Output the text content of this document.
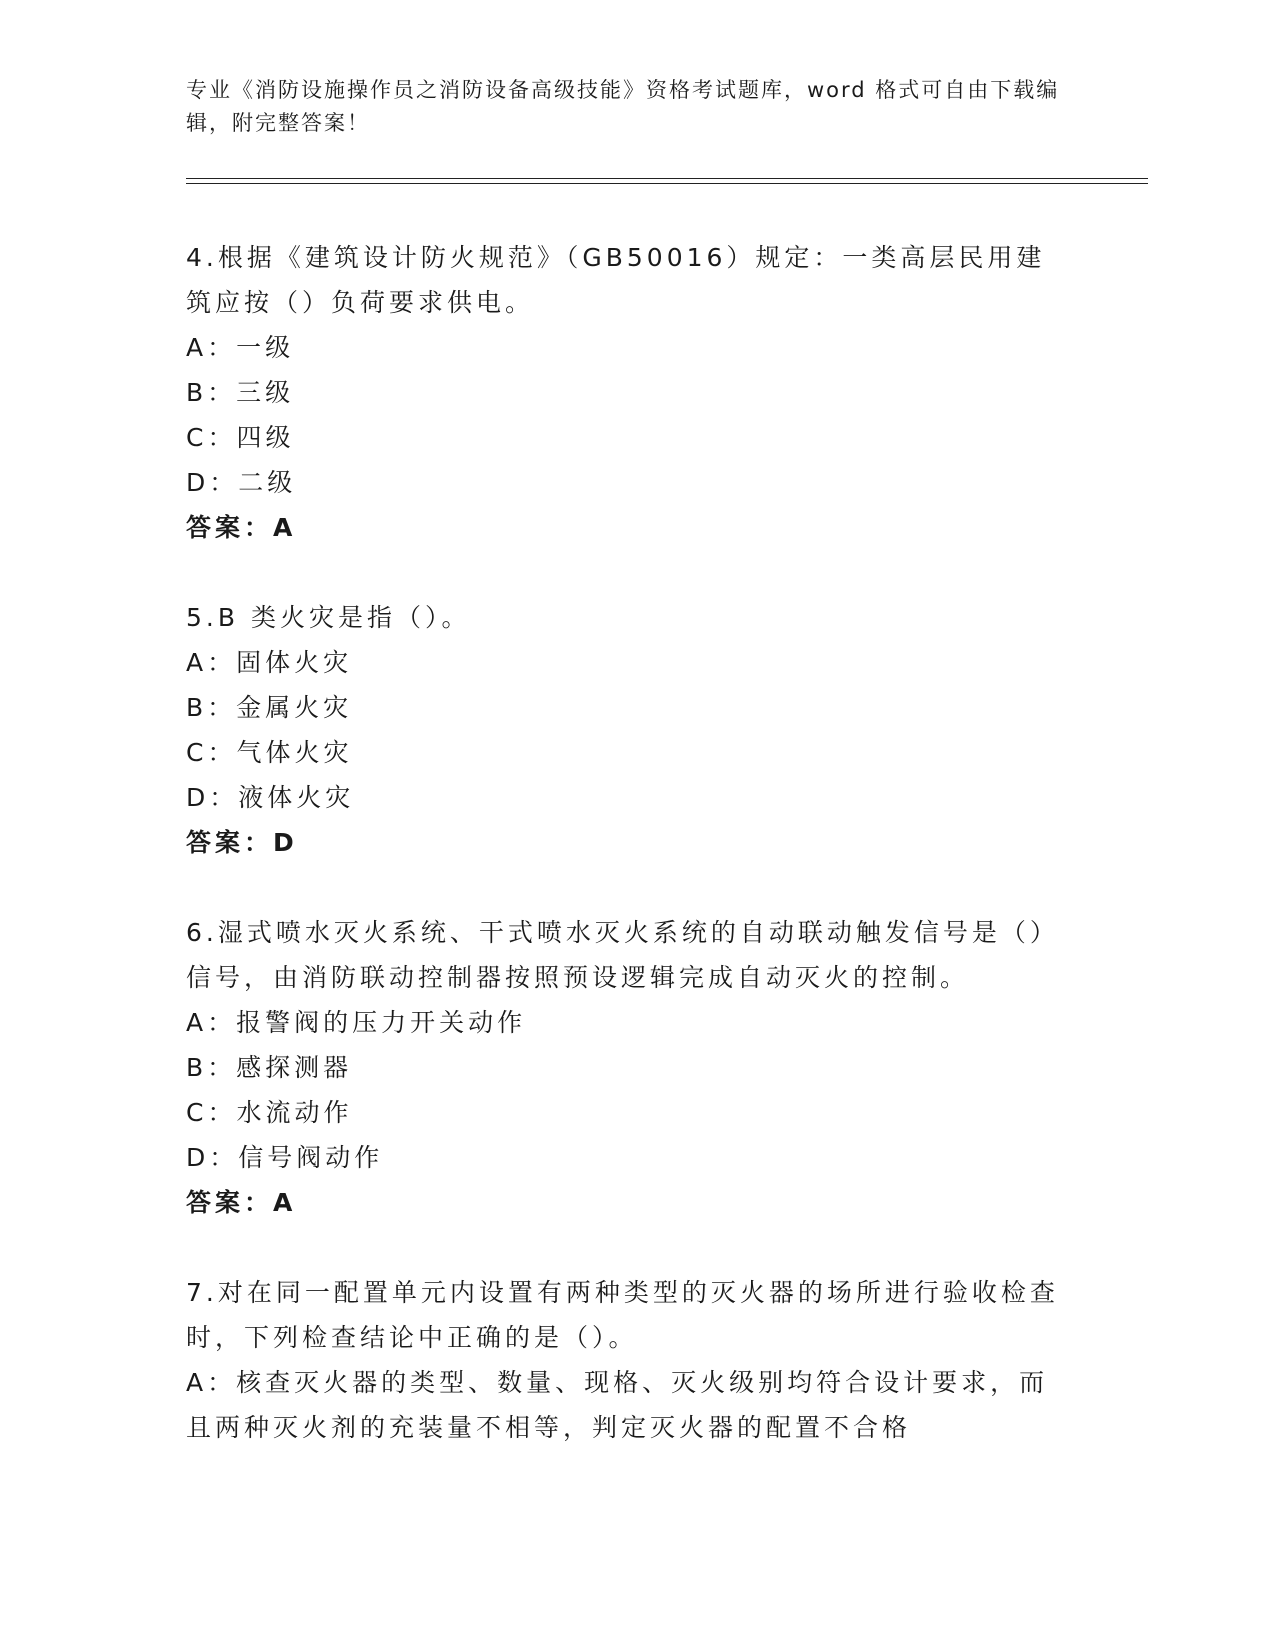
专业《消防设施操作员之消防设备高级技能》资格考试题库，word 格式可自由下载编辑，附完整答案！

4.根据《建筑设计防火规范》（GB50016）规定：一类高层民用建筑应按（）负荷要求供电。

A：一级

B：三级

C：四级

D：二级

答案：A

5.B 类火灾是指（）。

A：固体火灾

B：金属火灾

C：气体火灾

D：液体火灾

答案：D

6.湿式喷水灭火系统、干式喷水灭火系统的自动联动触发信号是（）信号，由消防联动控制器按照预设逻辑完成自动灭火的控制。

A：报警阀的压力开关动作

B：感探测器

C：水流动作

D：信号阀动作

答案：A

7.对在同一配置单元内设置有两种类型的灭火器的场所进行验收检查时，下列检查结论中正确的是（）。

A：核查灭火器的类型、数量、现格、灭火级别均符合设计要求，而且两种灭火剂的充装量不相等，判定灭火器的配置不合格
